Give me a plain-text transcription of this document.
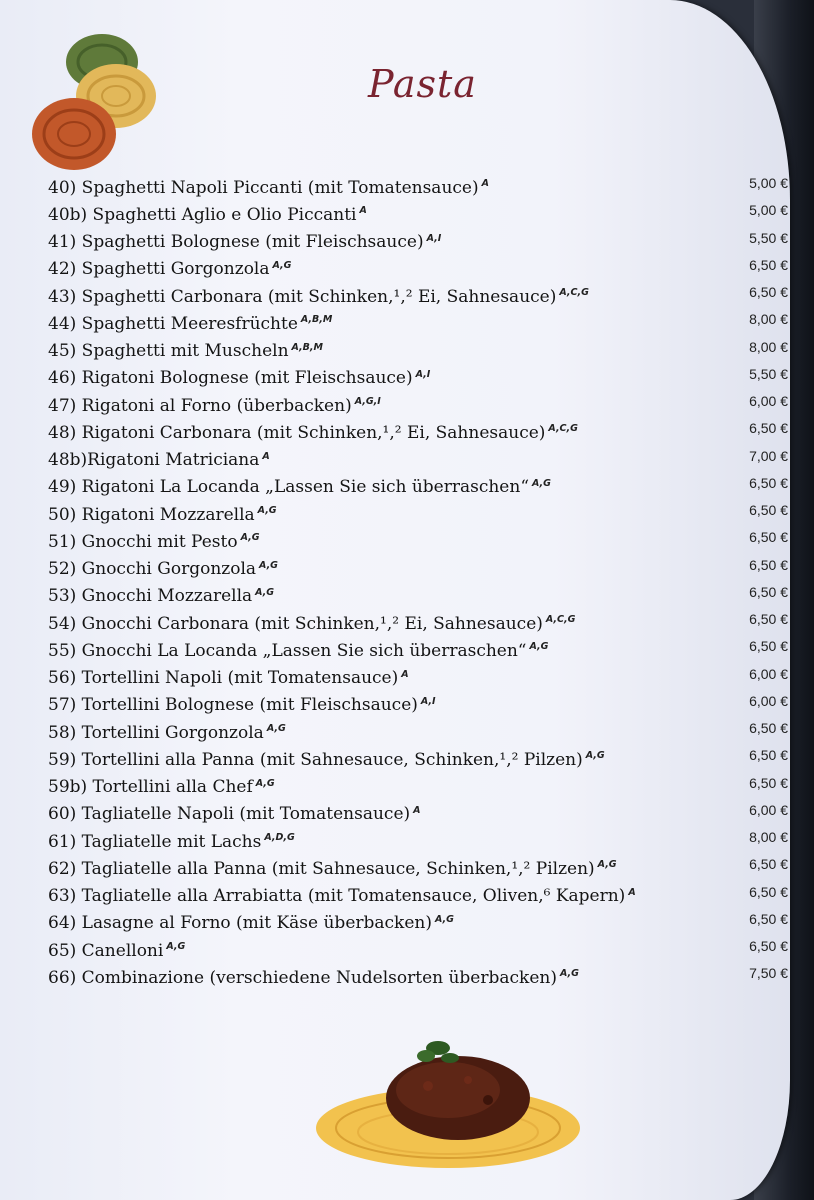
Pasta
40) Spaghetti Napoli Piccanti (mit Tomatensauce) $^A$	5,00 €
40b) Spaghetti Aglio e Olio Piccanti $^A$	5,00 €
41) Spaghetti Bolognese (mit Fleischsauce) $^{A,I}$	5,50 €
42) Spaghetti Gorgonzola $^{A,G}$	6,50 €
43) Spaghetti Carbonara (mit Schinken,¹,² Ei, Sahnesauce) $^{A,C,G}$	6,50 €
44) Spaghetti Meeresfrüchte $^{A,B,M}$	8,00 €
45) Spaghetti mit Muscheln $^{A,B,M}$	8,00 €
46) Rigatoni Bolognese (mit Fleischsauce) $^{A,I}$	5,50 €
47) Rigatoni al Forno (überbacken) $^{A,G,I}$	6,00 €
48) Rigatoni Carbonara (mit Schinken,¹,² Ei, Sahnesauce) $^{A,C,G}$	6,50 €
48b)Rigatoni Matriciana $^A$	7,00 €
49) Rigatoni La Locanda „Lassen Sie sich überraschen“ $^{A,G}$	6,50 €
50) Rigatoni Mozzarella $^{A,G}$	6,50 €
51) Gnocchi mit Pesto $^{A,G}$	6,50 €
52) Gnocchi Gorgonzola $^{A,G}$	6,50 €
53) Gnocchi Mozzarella $^{A,G}$	6,50 €
54) Gnocchi Carbonara (mit Schinken,¹,² Ei, Sahnesauce) $^{A,C,G}$	6,50 €
55) Gnocchi La Locanda „Lassen Sie sich überraschen“ $^{A,G}$	6,50 €
56) Tortellini Napoli (mit Tomatensauce) $^A$	6,00 €
57) Tortellini Bolognese (mit Fleischsauce) $^{A,I}$	6,00 €
58) Tortellini Gorgonzola $^{A,G}$	6,50 €
59) Tortellini alla Panna (mit Sahnesauce, Schinken,¹,² Pilzen) $^{A,G}$	6,50 €
59b) Tortellini alla Chef $^{A,G}$	6,50 €
60) Tagliatelle Napoli (mit Tomatensauce) $^A$	6,00 €
61) Tagliatelle mit Lachs $^{A,D,G}$	8,00 €
62) Tagliatelle alla Panna (mit Sahnesauce, Schinken,¹,² Pilzen) $^{A,G}$	6,50 €
63) Tagliatelle alla Arrabiatta (mit Tomatensauce, Oliven,⁶ Kapern) $^A$	6,50 €
64) Lasagne al Forno (mit Käse überbacken) $^{A,G}$	6,50 €
65) Canelloni $^{A,G}$	6,50 €
66) Combinazione (verschiedene Nudelsorten überbacken) $^{A,G}$	7,50 €
